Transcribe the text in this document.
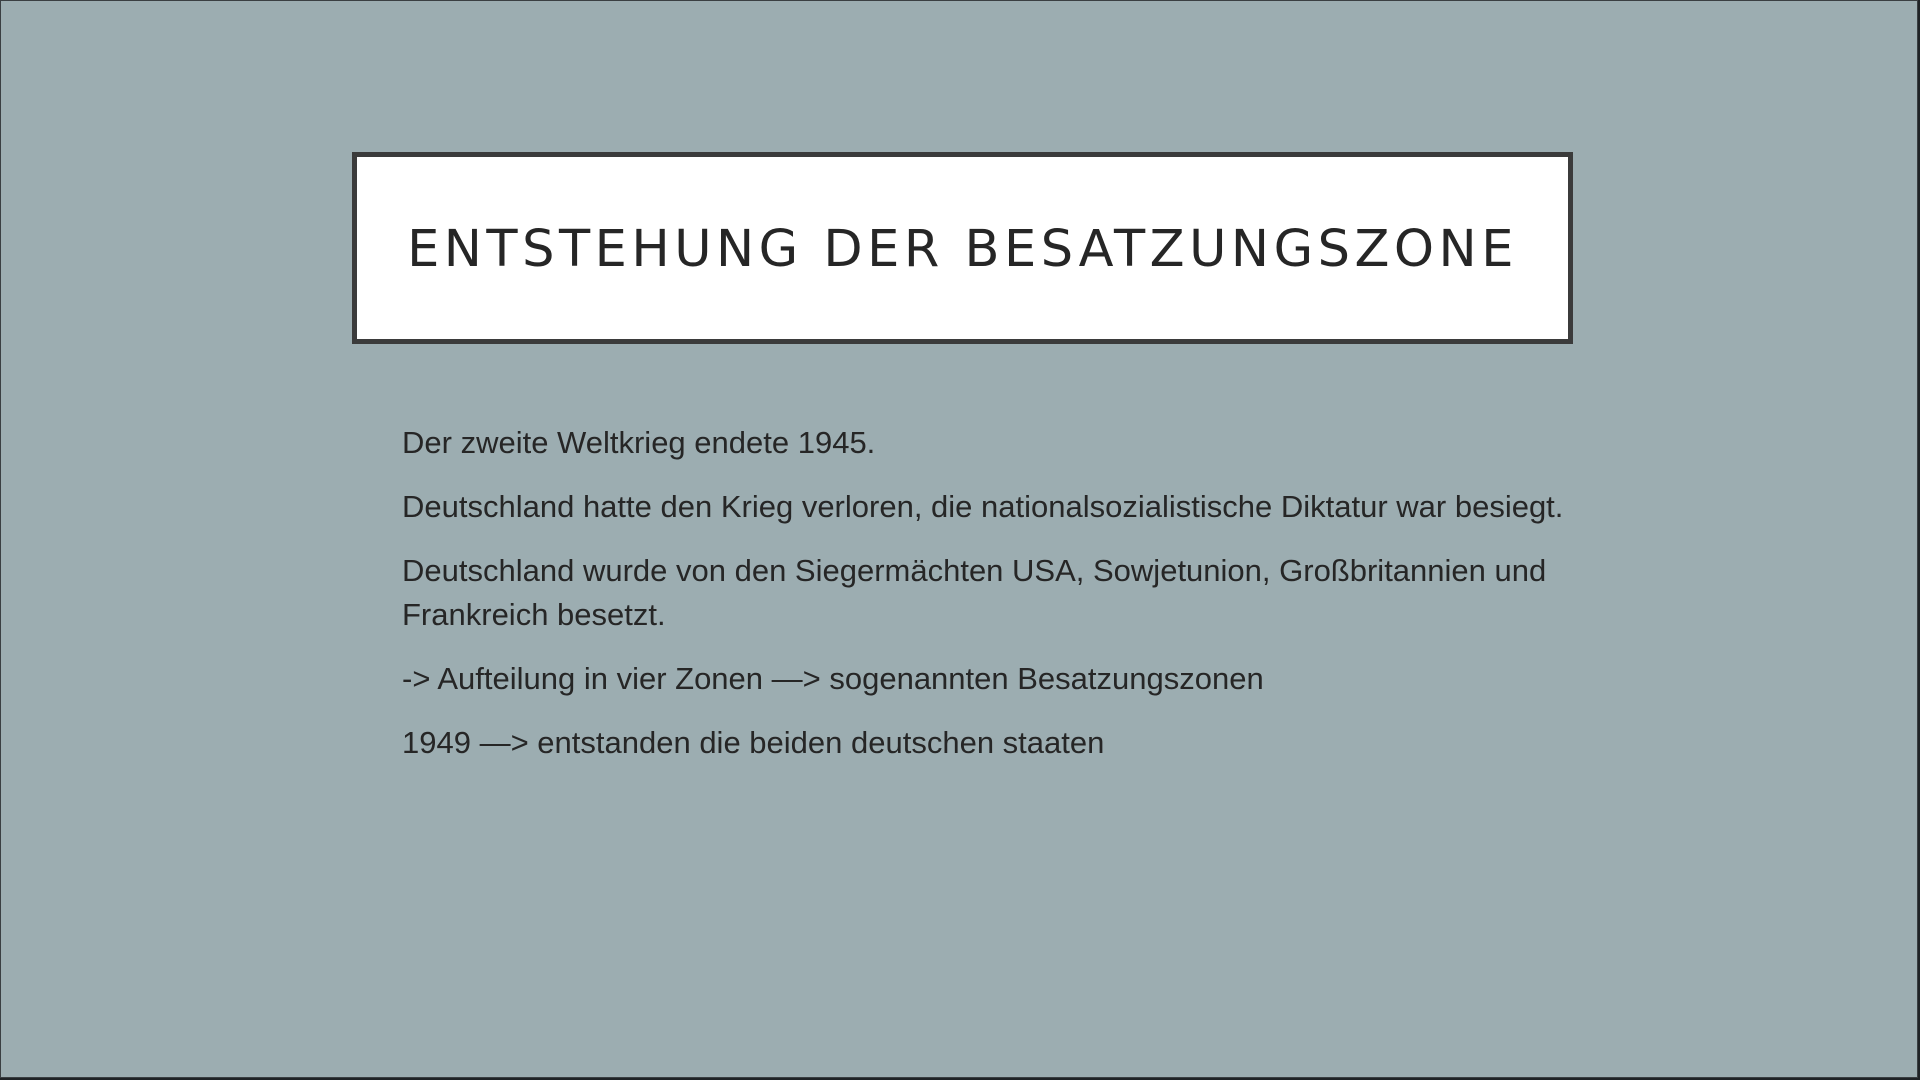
ENTSTEHUNG DER BESATZUNGSZONE

Der zweite Weltkrieg endete 1945.

Deutschland hatte den Krieg verloren, die nationalsozialistische Diktatur war besiegt.

Deutschland wurde von den Siegermächten USA, Sowjetunion, Großbritannien und Frankreich besetzt.

-> Aufteilung in vier Zonen —> sogenannten Besatzungszonen

1949 —> entstanden die beiden deutschen staaten
